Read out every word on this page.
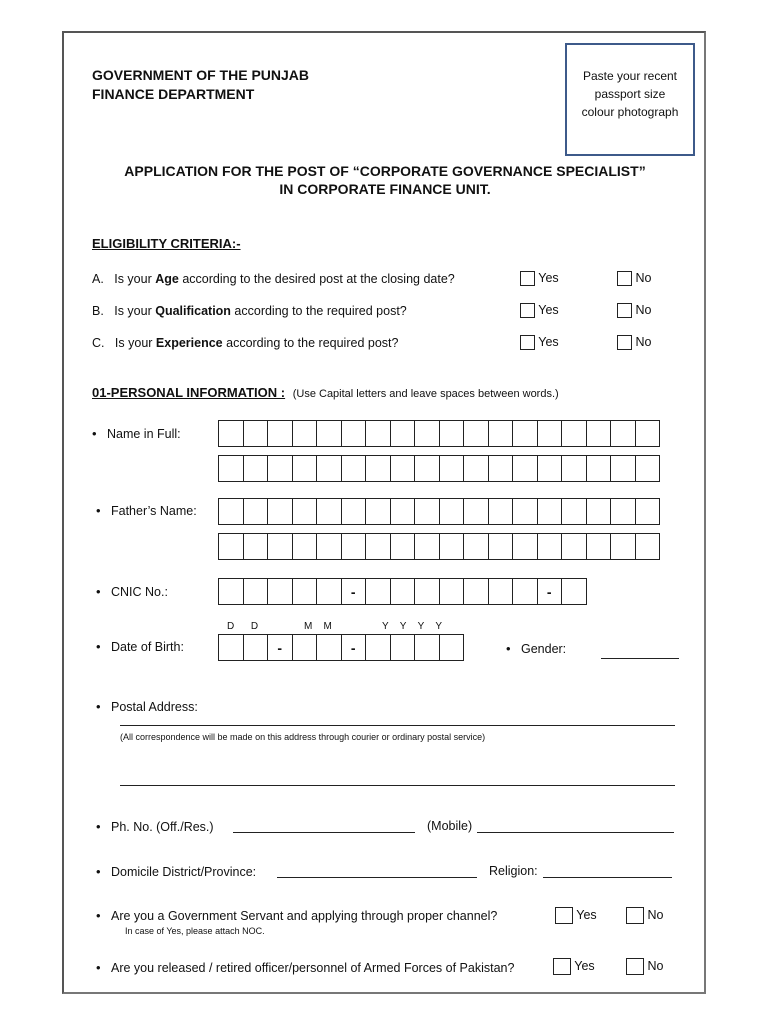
GOVERNMENT OF THE PUNJAB
FINANCE DEPARTMENT
Paste your recent
passport size
colour photograph
APPLICATION FOR THE POST OF “CORPORATE GOVERNANCE SPECIALIST”
IN CORPORATE FINANCE UNIT.
ELIGIBILITY CRITERIA:-
A. Is your Age according to the desired post at the closing date?	Yes	No
B. Is your Qualification according to the required post?	Yes	No
C. Is your Experience according to the required post?	Yes	No
01-PERSONAL INFORMATION : (Use Capital letters and leave spaces between words.)
• Name in Full:
• Father’s Name:
• CNIC No.:	-	-
D D	M M	Y Y Y Y
• Date of Birth:	-	-	• Gender:
• Postal Address:
(All correspondence will be made on this address through courier or ordinary postal service)
• Ph. No. (Off./Res.)	(Mobile)
• Domicile District/Province:	Religion:
• Are you a Government Servant and applying through proper channel?
In case of Yes, please attach NOC.
Yes	No
• Are you released / retired officer/personnel of Armed Forces of Pakistan?	Yes	No
